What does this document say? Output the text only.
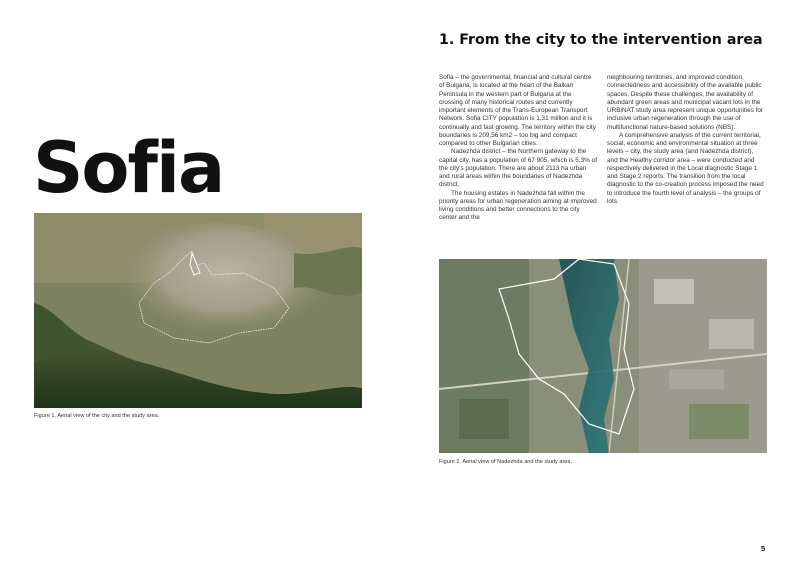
Sofia
1. From the city to the intervention area

Sofia – the governmental, financial and cultural centre of Bulgaria, is located at the heart of the Balkan Peninsula in the western part of Bulgaria at the crossing of many historical routes and currently important elements of the Trans-European Transport Network. Sofia CITY population is 1,31 million and it is continually and fast growing. The territory within the city boundaries is 209,56 km2 – too big and compact compared to other Bulgarian cities.

Nadezhda district – the Northern gateway to the capital city, has a population of 67 905, which is 5,3% of the city's population. There are about 2113 ha urban and rural areas within the boundaries of Nadezhda district.

The housing estates in Nadezhda fall within the priority areas for urban regeneration aiming at improved living conditions and better connections to the city center and the

neighbouring territories, and improved condition, connectedness and accessibility of the available public spaces. Despite these challenges, the availability of abundant green areas and municipal vacant lots in the URBiNAT study area represent unique opportunities for inclusive urban regeneration through the use of multifunctional nature-based solutions (NBS).

A comprehensive analysis of the current territorial, social, economic and environmental situation at three levels – city, the study area (and Nadezhda district), and the Healthy corridor area – were conducted and respectively delivered in the Local diagnostic Stage 1 and Stage 2 reports. The transition from the local diagnostic to the co-creation process imposed the need to introduce the fourth level of analysis – the groups of lots.

Figure 1. Aerial view of the city and the study area.
Figure 2. Aerial view of Nadezhda and the study area.
5
